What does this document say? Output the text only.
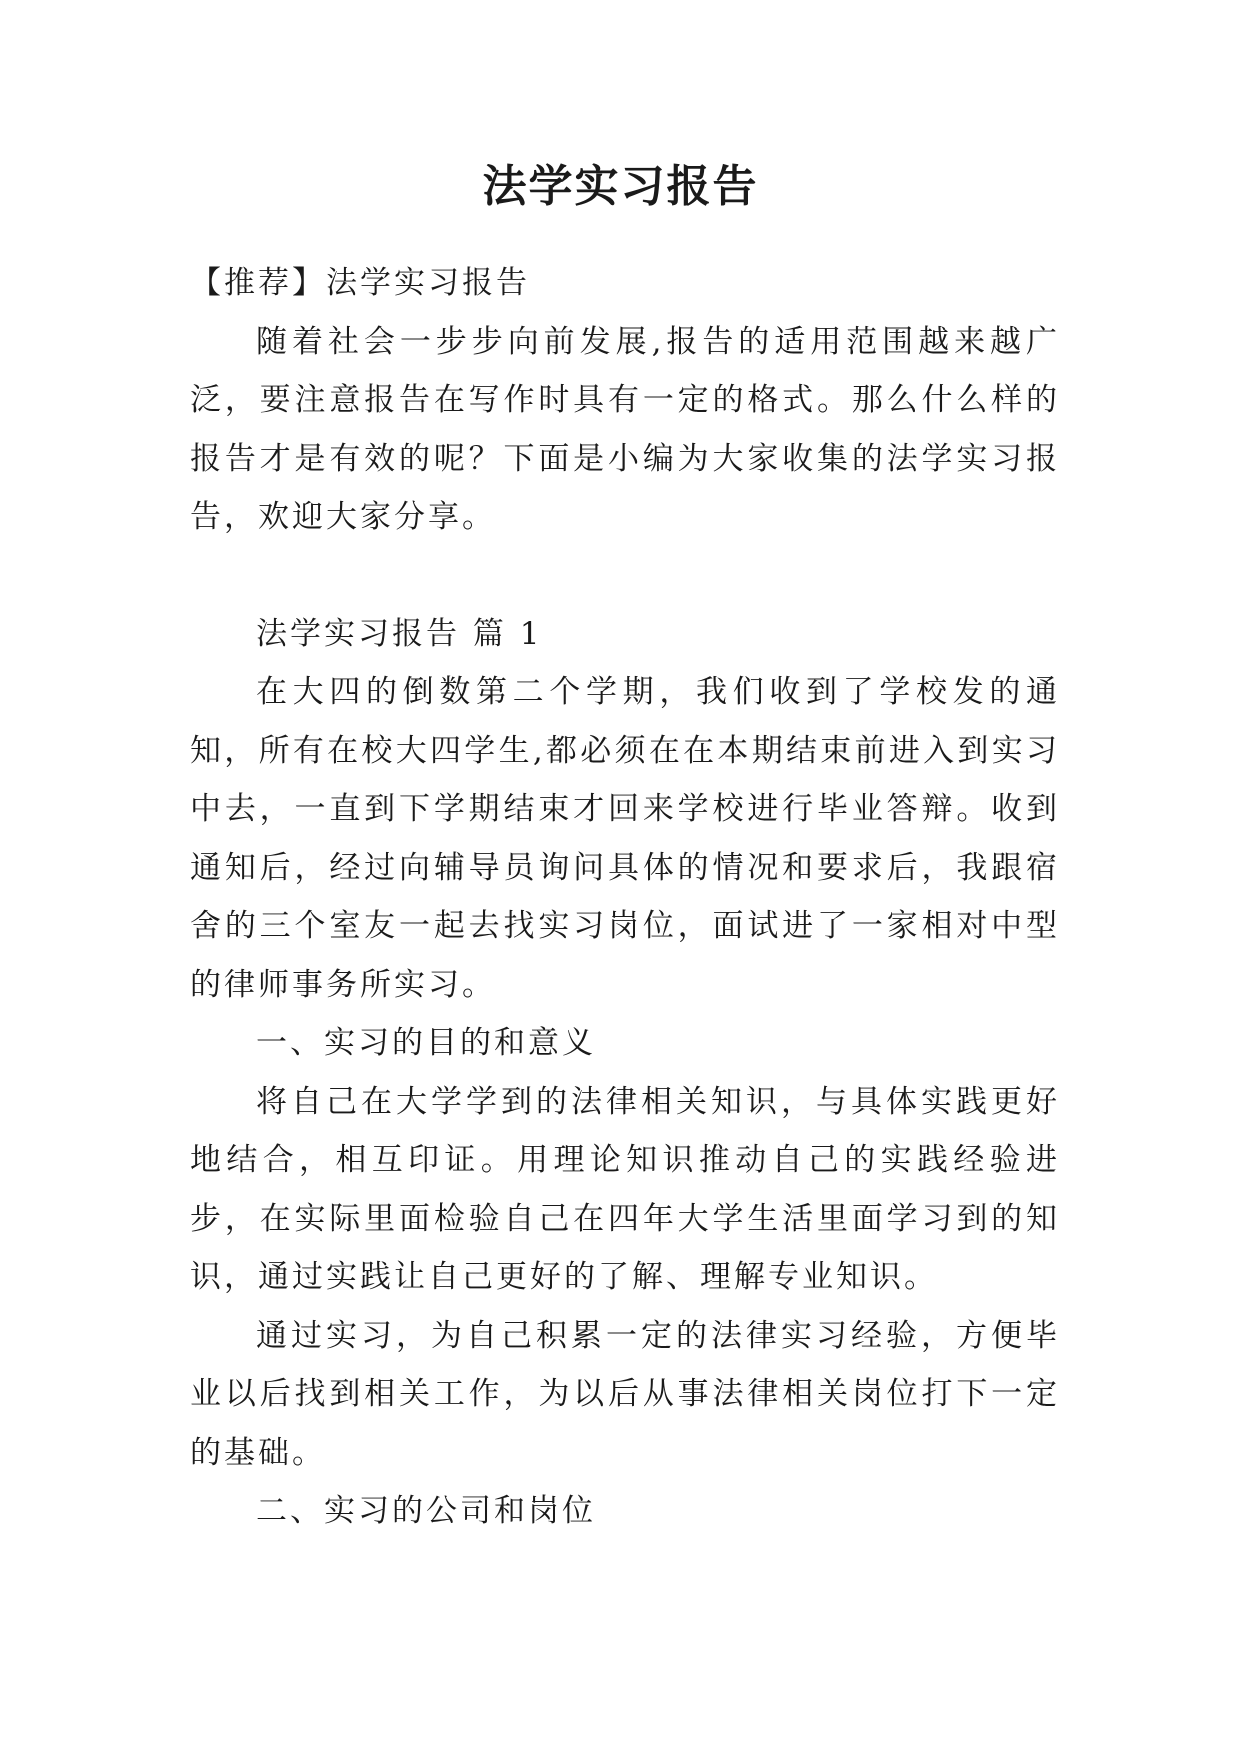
法学实习报告

【推荐】法学实习报告

随着社会一步步向前发展,报告的适用范围越来越广泛，要注意报告在写作时具有一定的格式。那么什么样的报告才是有效的呢？下面是小编为大家收集的法学实习报告，欢迎大家分享。

法学实习报告 篇 1

在大四的倒数第二个学期，我们收到了学校发的通知，所有在校大四学生,都必须在在本期结束前进入到实习中去，一直到下学期结束才回来学校进行毕业答辩。收到通知后，经过向辅导员询问具体的情况和要求后，我跟宿舍的三个室友一起去找实习岗位，面试进了一家相对中型的律师事务所实习。

一、实习的目的和意义

将自己在大学学到的法律相关知识，与具体实践更好地结合，相互印证。用理论知识推动自己的实践经验进步，在实际里面检验自己在四年大学生活里面学习到的知识，通过实践让自己更好的了解、理解专业知识。

通过实习，为自己积累一定的法律实习经验，方便毕业以后找到相关工作，为以后从事法律相关岗位打下一定的基础。

二、实习的公司和岗位
